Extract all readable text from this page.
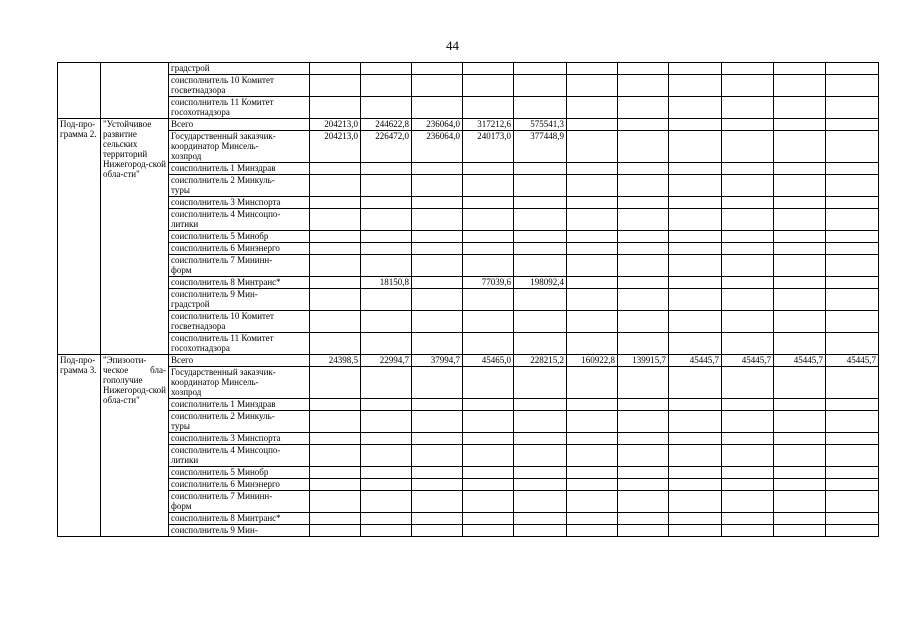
44

		градстрой											

		соисполнитель 10 Комитет
госветнадзора											

		соисполнитель 11 Комитет
госохотнадзора											

Под-про-грамма 2.	"Устойчивое развитие сельских территорий Нижегород-ской обла-сти"	Всего	204213,0	244622,8	236064,0	317212,6	575541,3						

		Государственный заказчик-
координатор Минсель-
хозпрод	204213,0	226472,0	236064,0	240173,0	377448,9						

		соисполнитель 1 Минздрав											

		соисполнитель 2 Минкуль-
туры											

		соисполнитель 3 Минспорта											

		соисполнитель 4 Минсоцпо-
литики											

		соисполнитель 5 Минобр											

		соисполнитель 6 Минэнерго											

		соисполнитель 7 Мининн-
форм											

		соисполнитель 8 Минтранс*		18150,8		77039,6	198092,4						

		соисполнитель 9 Мин-
градстрой											

		соисполнитель 10 Комитет
госветнадзора											

		соисполнитель 11 Комитет
госохотнадзора											

Под-про-грамма 3.	"Эпизооти-ческое бла-гополучие Нижегород-ской обла-сти"	Всего	24398,5	22994,7	37994,7	45465,0	228215,2	160922,8	139915,7	45445,7	45445,7	45445,7	45445,7

		Государственный заказчик-
координатор Минсель-
хозпрод											

		соисполнитель 1 Минздрав											

		соисполнитель 2 Минкуль-
туры											

		соисполнитель 3 Минспорта											

		соисполнитель 4 Минсоцпо-
литики											

		соисполнитель 5 Минобр											

		соисполнитель 6 Минэнерго											

		соисполнитель 7 Мининн-
форм											

		соисполнитель 8 Минтранс*											

		соисполнитель 9 Мин-											
